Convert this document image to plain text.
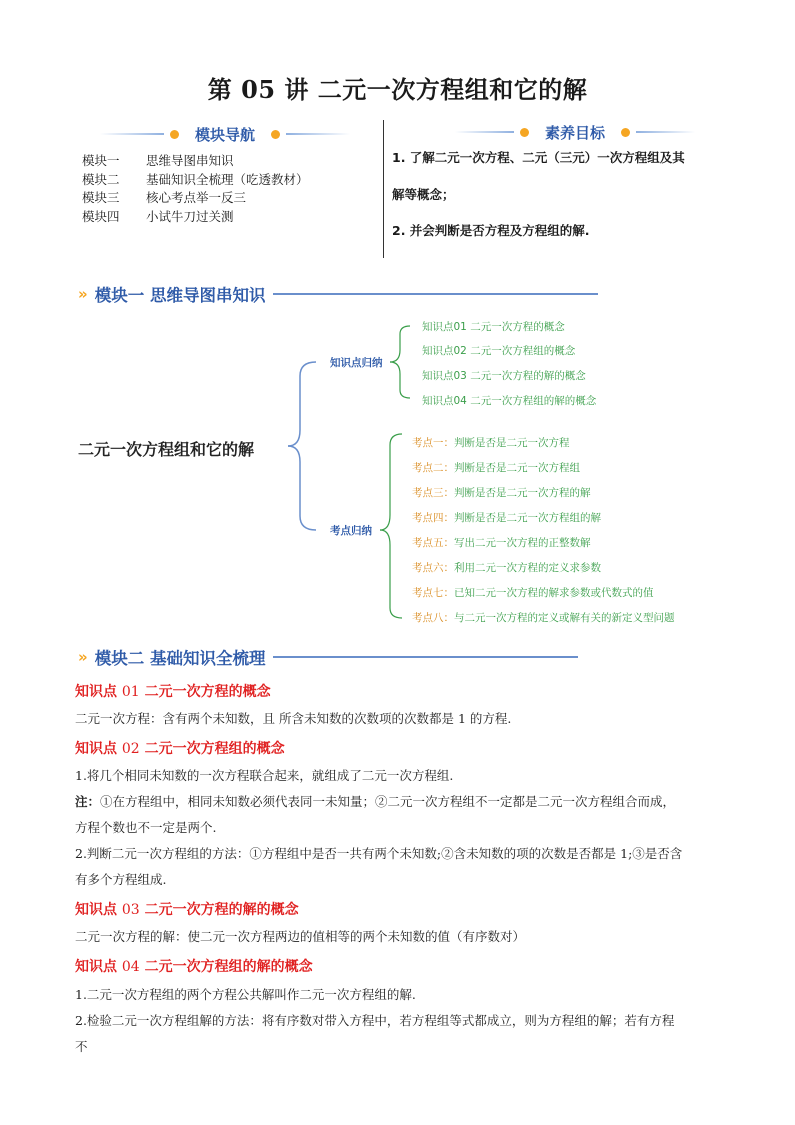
第 05 讲 二元一次方程组和它的解
模块导航
模块一	思维导图串知识
模块二	基础知识全梳理（吃透教材）
模块三	核心考点举一反三
模块四	小试牛刀过关测
素养目标
1. 了解二元一次方程、二元（三元）一次方程组及其
解等概念；
2. 并会判断是否方程及方程组的解.
» 模块一 思维导图串知识
二元一次方程组和它的解
知识点归纳
考点归纳
知识点01 二元一次方程的概念
知识点02 二元一次方程组的概念
知识点03 二元一次方程的解的概念
知识点04 二元一次方程组的解的概念
考点一：判断是否是二元一次方程
考点二：判断是否是二元一次方程组
考点三：判断是否是二元一次方程的解
考点四：判断是否是二元一次方程组的解
考点五：写出二元一次方程的正整数解
考点六：利用二元一次方程的定义求参数
考点七：已知二元一次方程的解求参数或代数式的值
考点八：与二元一次方程的定义或解有关的新定义型问题
» 模块二 基础知识全梳理
知识点 01 二元一次方程的概念
二元一次方程：含有两个未知数，且 所含未知数的次数项的次数都是 1 的方程.
知识点 02 二元一次方程组的概念
1.将几个相同未知数的一次方程联合起来，就组成了二元一次方程组.
注：①在方程组中，相同未知数必须代表同一未知量；②二元一次方程组不一定都是二元一次方程组合而成，
方程个数也不一定是两个.
2.判断二元一次方程组的方法：①方程组中是否一共有两个未知数;②含未知数的项的次数是否都是 1;③是否含
有多个方程组成.
知识点 03 二元一次方程的解的概念
二元一次方程的解：使二元一次方程两边的值相等的两个未知数的值（有序数对）
知识点 04 二元一次方程组的解的概念
1.二元一次方程组的两个方程公共解叫作二元一次方程组的解.
2.检验二元一次方程组解的方法：将有序数对带入方程中，若方程组等式都成立，则为方程组的解；若有方程
不
